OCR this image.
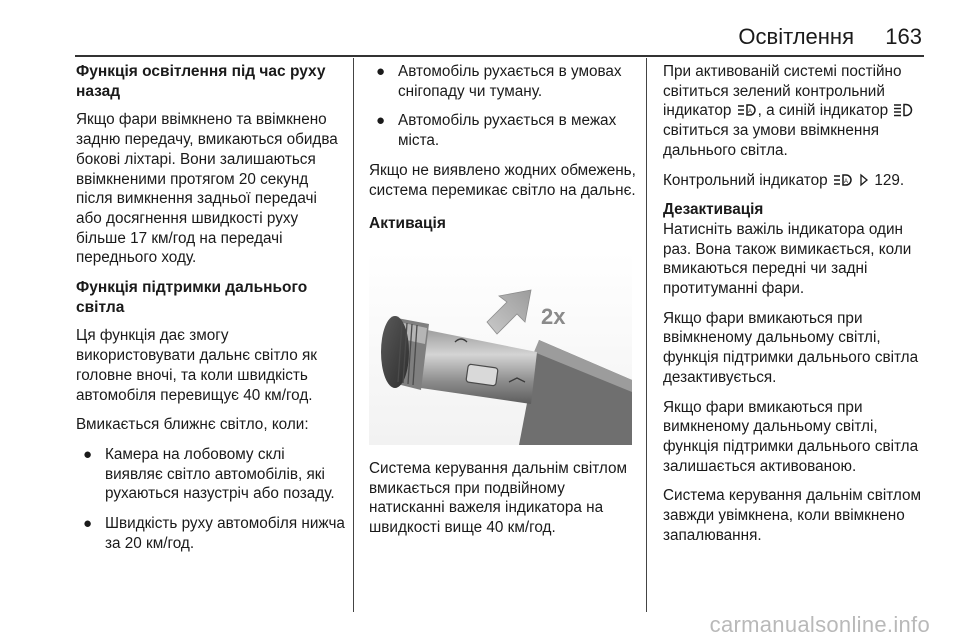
Освітлення 163
Функція освітлення під час руху назад

Якщо фари ввімкнено та ввімкнено задню передачу, вмикаються обидва бокові ліхтарі. Вони залишаються ввімкненими протягом 20 секунд після вимкнення задньої передачі або досягнення швидкості руху більше 17 км/год на передачі переднього ходу.

Функція підтримки дальнього світла

Ця функція дає змогу використовувати дальнє світло як головне вночі, та коли швидкість автомобіля перевищує 40 км/год.

Вмикається ближнє світло, коли:

● Камера на лобовому склі виявляє світло автомобілів, які рухаються назустріч або позаду.
● Швидкість руху автомобіля нижча за 20 км/год.
● Автомобіль рухається в умовах снігопаду чи туману.
● Автомобіль рухається в межах міста.

Якщо не виявлено жодних обмежень, система перемикає світло на дальнє.

Активація
2x

Система керування дальнім світлом вмикається при подвійному натисканні важеля індикатора на швидкості вище 40 км/год.

При активованій системі постійно світиться зелений контрольний індикатор	A , а синій індикатор  світиться за умови ввімкнення дальнього світла.

Контрольний індикатор	A 129.

Дезактивація
Натисніть важіль індикатора один раз. Вона також вимикається, коли вмикаються передні чи задні протитуманні фари.

Якщо фари вмикаються при ввімкненому дальньому світлі, функція підтримки дальнього світла дезактивується.

Якщо фари вмикаються при вимкненому дальньому світлі, функція підтримки дальнього світла залишається активованою.

Система керування дальнім світлом завжди увімкнена, коли ввімкнено запалювання.

carmanualsonline.info
